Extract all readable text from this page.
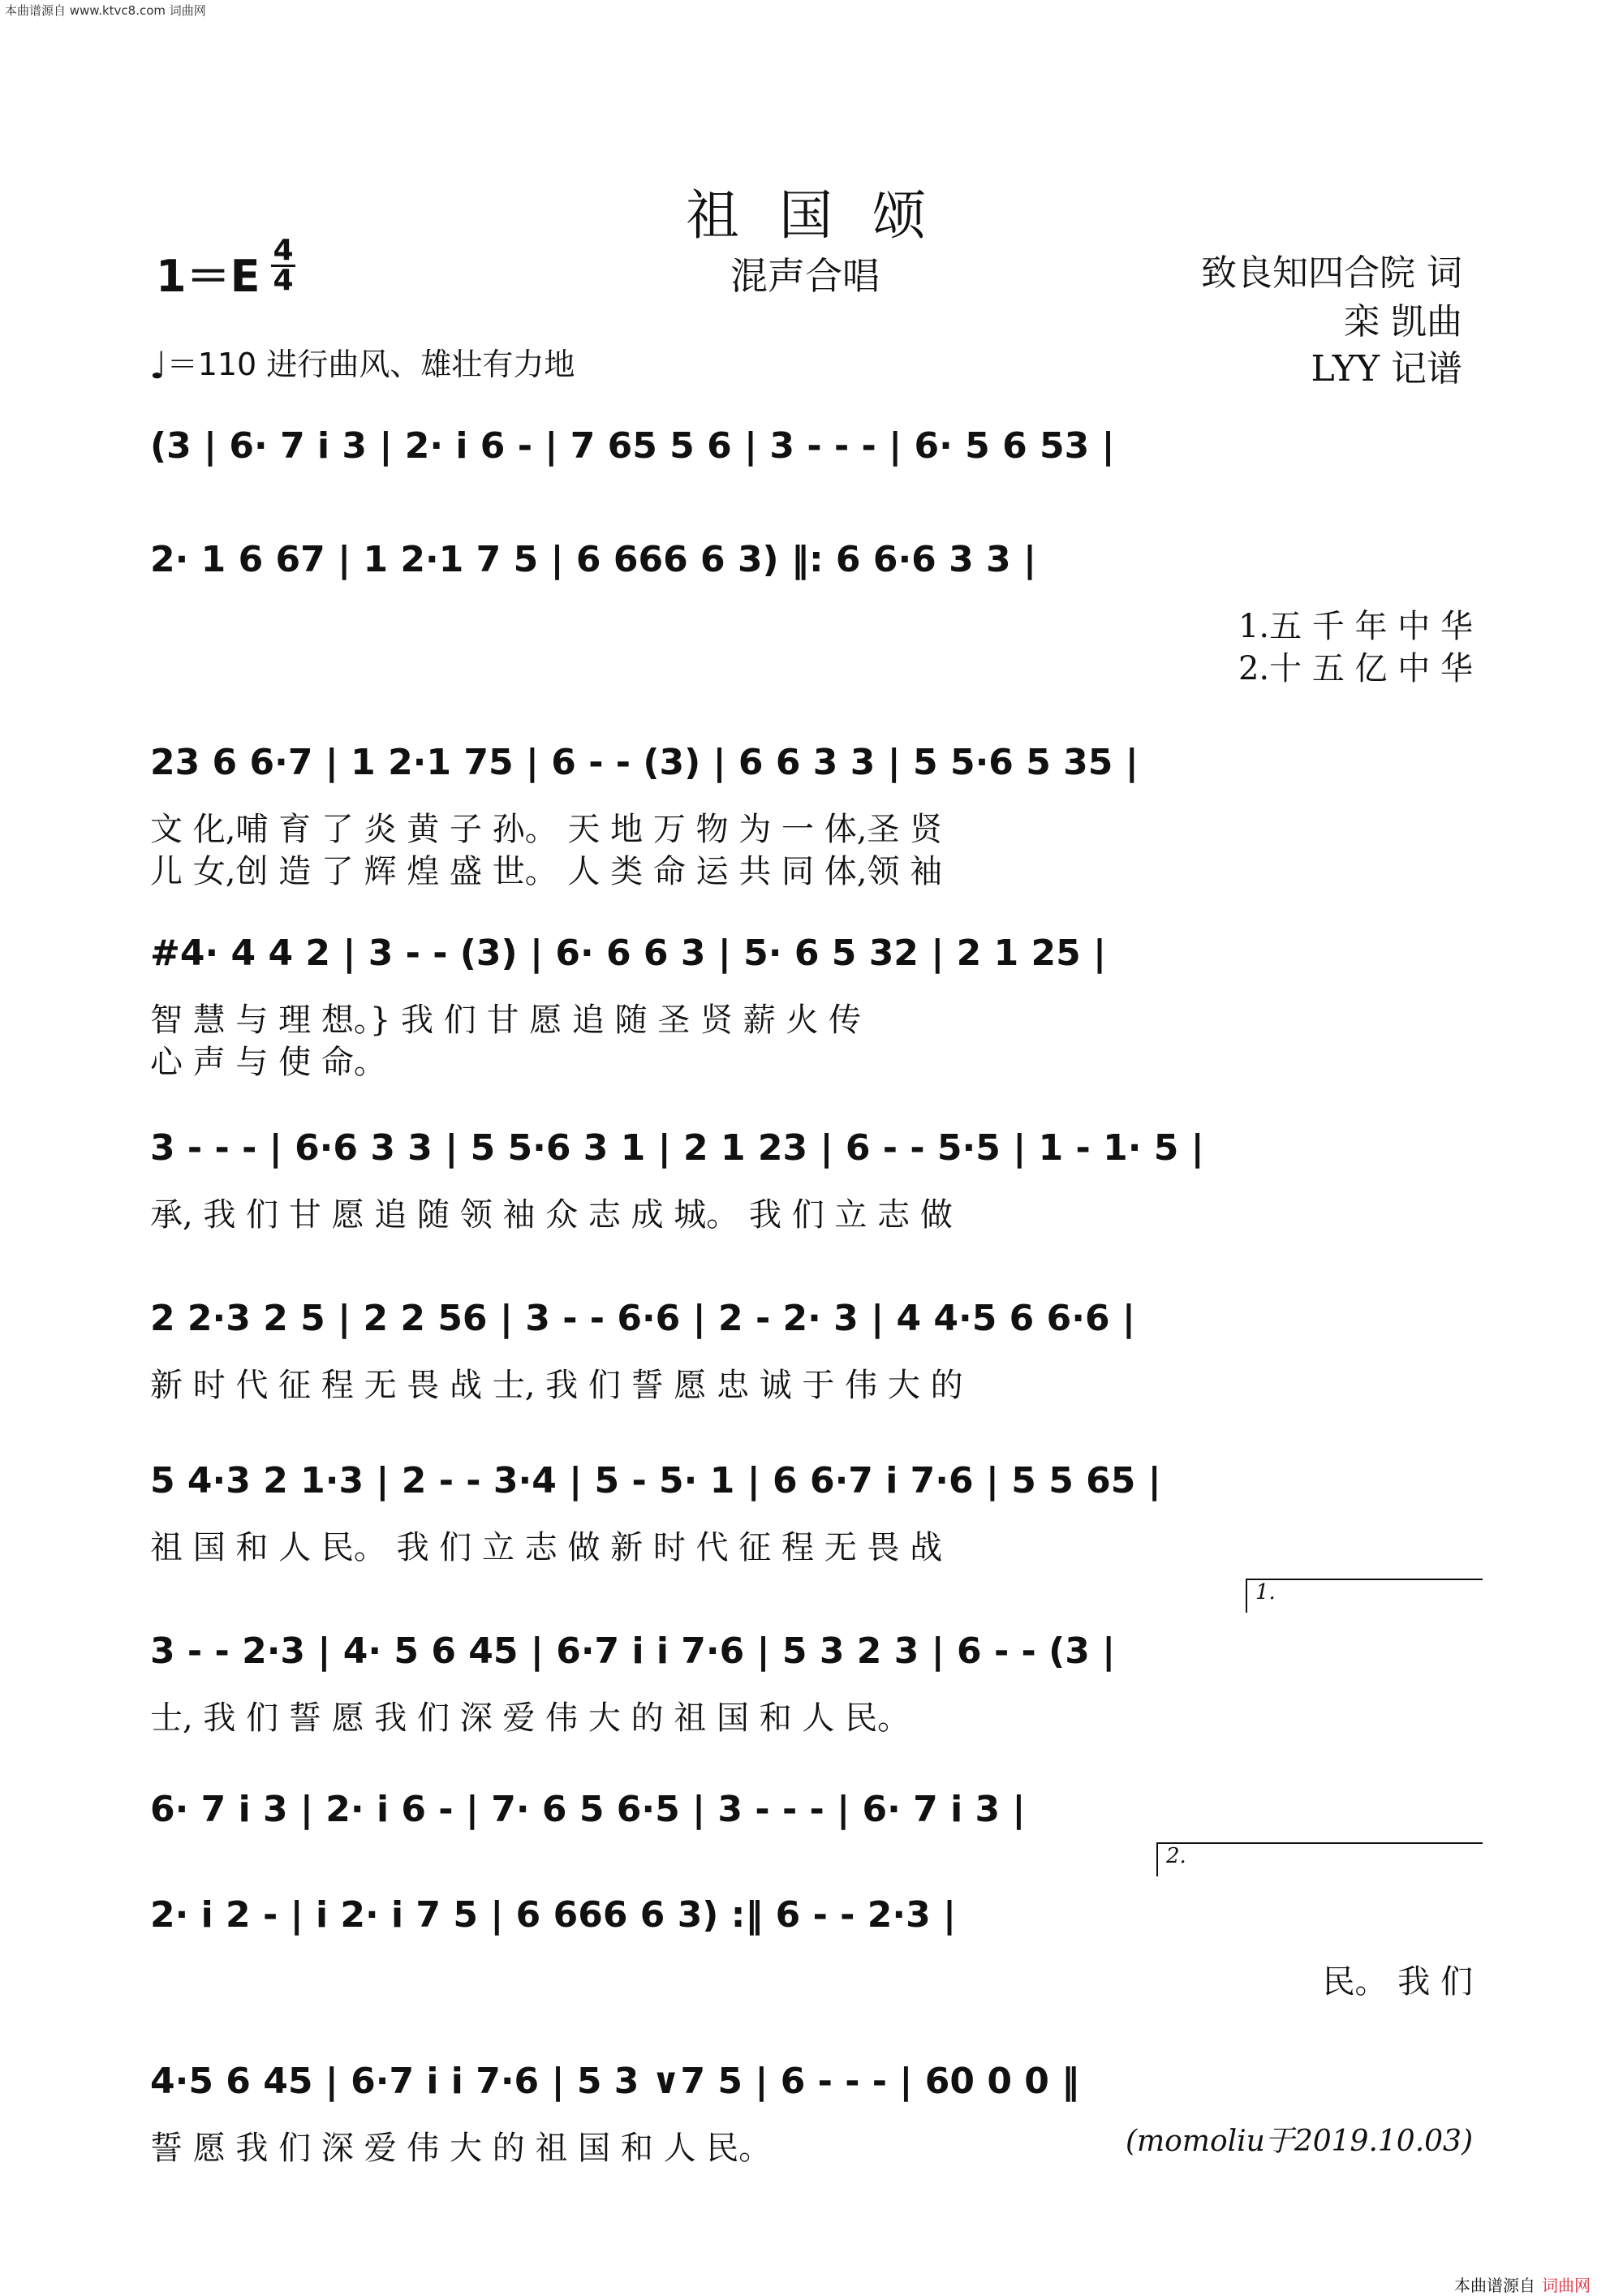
本曲谱源自 www.ktvc8.com 词曲网
祖 国 颂
1＝E
4
4	混声合唱	致良知四合院 词
栾 凯曲
LYY 记谱
♩＝110 进行曲风、雄壮有力地
(3 | 6· 7 i 3 | 2· i 6 - | 7 65 5 6 | 3 - - - | 6· 5 6 53 |
2· 1 6 67 | 1 2·1 7 5 | 6 666 6 3) ‖: 6 6·6 3 3 |
1.五 千 年 中 华
2.十 五 亿 中 华
23 6 6·7 | 1 2·1 75 | 6 - - (3) | 6 6 3 3 | 5 5·6 5 35 |
文 化,哺 育 了 炎 黄 子 孙。 天 地 万 物 为 一 体,圣 贤
儿 女,创 造 了 辉 煌 盛 世。 人 类 命 运 共 同 体,领 袖
#4· 4 4 2 | 3 - - (3) | 6· 6 6 3 | 5· 6 5 32 | 2 1 25 |
智 慧 与 理 想。} 我 们 甘 愿 追 随 圣 贤 薪 火 传
心 声 与 使 命。
3 - - - | 6·6 3 3 | 5 5·6 3 1 | 2 1 23 | 6 - - 5·5 | 1 - 1· 5 |
承, 我 们 甘 愿 追 随 领 袖 众 志 成 城。 我 们 立 志 做
2 2·3 2 5 | 2 2 56 | 3 - - 6·6 | 2 - 2· 3 | 4 4·5 6 6·6 |
新 时 代 征 程 无 畏 战 士, 我 们 誓 愿 忠 诚 于 伟 大 的
5 4·3 2 1·3 | 2 - - 3·4 | 5 - 5· 1 | 6 6·7 i 7·6 | 5 5 65 |
祖 国 和 人 民。 我 们 立 志 做 新 时 代 征 程 无 畏 战
1.
3 - - 2·3 | 4· 5 6 45 | 6·7 i i 7·6 | 5 3 2 3 | 6 - - (3 |
士, 我 们 誓 愿 我 们 深 爱 伟 大 的 祖 国 和 人 民。
6· 7 i 3 | 2· i 6 - | 7· 6 5 6·5 | 3 - - - | 6· 7 i 3 |
2.
2· i 2 - | i 2· i 7 5 | 6 666 6 3) :‖ 6 - - 2·3 |
民。 我 们
4·5 6 45 | 6·7 i i 7·6 | 5 3 ∨7 5 | 6 - - - | 60 0 0 ‖
誓 愿 我 们 深 爱 伟 大 的 祖 国 和 人 民。	(momoliu于2019.10.03)
本曲谱源自 词曲网
